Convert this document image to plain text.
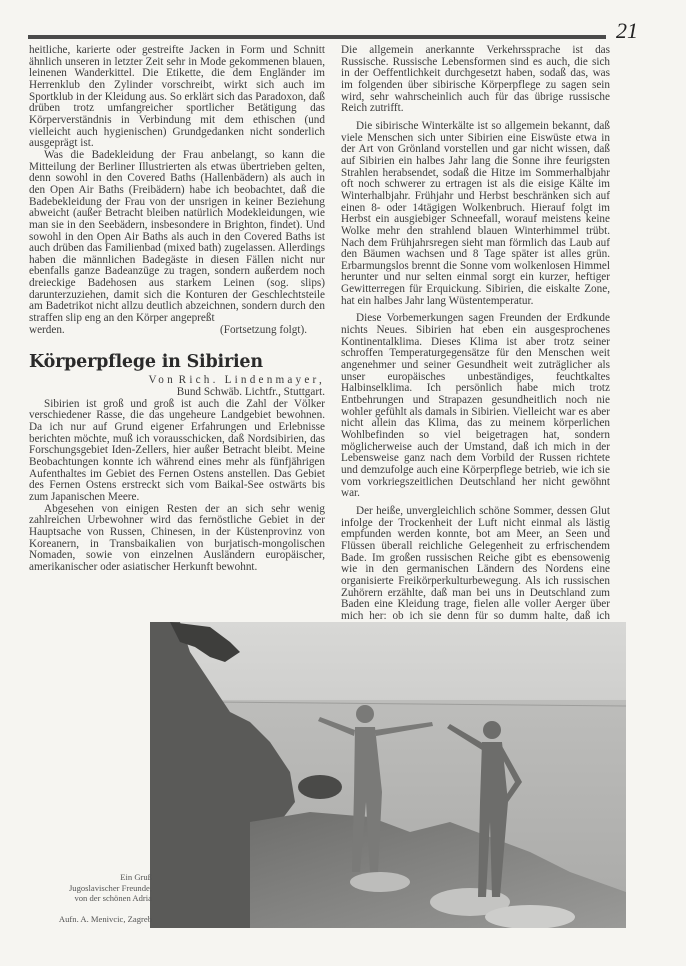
21

heitliche, karierte oder gestreifte Jacken in Form und Schnitt ähnlich unseren in letzter Zeit sehr in Mode gekommenen blauen, leinenen Wanderkittel. Die Etikette, die dem Engländer im Herrenklub den Zylinder vorschreibt, wirkt sich auch im Sportklub in der Kleidung aus. So erklärt sich das Paradoxon, daß drüben trotz umfangreicher sportlicher Betätigung das Körperverständnis in Verbindung mit dem ethischen (und vielleicht auch hygienischen) Grundgedanken nicht sonderlich ausgeprägt ist.

Was die Badekleidung der Frau anbelangt, so kann die Mitteilung der Berliner Illustrierten als etwas übertrieben gelten, denn sowohl in den Covered Baths (Hallenbädern) als auch in den Open Air Baths (Freibädern) habe ich beobachtet, daß die Badebekleidung der Frau von der unsrigen in keiner Beziehung abweicht (außer Betracht bleiben natürlich Modekleidungen, wie man sie in den Seebädern, insbesondere in Brighton, findet). Und sowohl in den Open Air Baths als auch in den Covered Baths ist auch drüben das Familienbad (mixed bath) zugelassen. Allerdings haben die männlichen Badegäste in diesen Fällen nicht nur ebenfalls ganze Badeanzüge zu tragen, sondern außerdem noch dreieckige Badehosen aus starkem Leinen (sog. slips) darunterzuziehen, damit sich die Konturen der Geschlechtsteile am Badetrikot nicht allzu deutlich abzeichnen, sondern durch den straffen slip eng an den Körper angepreßt

werden.	(Fortsetzung folgt).
Körperpflege in Sibirien
Von Rich. Lindenmayer,
Bund Schwäb. Lichtfr., Stuttgart.

Sibirien ist groß und groß ist auch die Zahl der Völker verschiedener Rasse, die das ungeheure Landgebiet bewohnen. Da ich nur auf Grund eigener Erfahrungen und Erlebnisse berichten möchte, muß ich vorausschicken, daß Nordsibirien, das Forschungsgebiet Iden-Zellers, hier außer Betracht bleibt. Meine Beobachtungen konnte ich während eines mehr als fünfjährigen Aufenthaltes im Gebiet des Fernen Ostens anstellen. Das Gebiet des Fernen Ostens erstreckt sich vom Baikal-See ostwärts bis zum Japanischen Meere.

Abgesehen von einigen Resten der an sich sehr wenig zahlreichen Urbewohner wird das fernöstliche Gebiet in der Hauptsache von Russen, Chinesen, in der Küstenprovinz von Koreanern, in Transbaikalien von burjatisch-mongolischen Nomaden, sowie von einzelnen Ausländern europäischer, amerikanischer oder asiatischer Herkunft bewohnt.

Die allgemein anerkannte Verkehrssprache ist das Russische. Russische Lebensformen sind es auch, die sich in der Oeffentlichkeit durchgesetzt haben, sodaß das, was im folgenden über sibirische Körperpflege zu sagen sein wird, sehr wahrscheinlich auch für das übrige russische Reich zutrifft.

Die sibirische Winterkälte ist so allgemein bekannt, daß viele Menschen sich unter Sibirien eine Eiswüste etwa in der Art von Grönland vorstellen und gar nicht wissen, daß auf Sibirien ein halbes Jahr lang die Sonne ihre feurigsten Strahlen herabsendet, sodaß die Hitze im Sommerhalbjahr oft noch schwerer zu ertragen ist als die eisige Kälte im Winterhalbjahr. Frühjahr und Herbst beschränken sich auf einen 8- oder 14tägigen Wolkenbruch. Hierauf folgt im Herbst ein ausgiebiger Schneefall, worauf meistens keine Wolke mehr den strahlend blauen Winterhimmel trübt. Nach dem Frühjahrsregen sieht man förmlich das Laub auf den Bäumen wachsen und 8 Tage später ist alles grün. Erbarmungslos brennt die Sonne vom wolkenlosen Himmel herunter und nur selten einmal sorgt ein kurzer, heftiger Gewitterregen für Erquickung. Sibirien, die eiskalte Zone, hat ein halbes Jahr lang Wüstentemperatur.

Diese Vorbemerkungen sagen Freunden der Erdkunde nichts Neues. Sibirien hat eben ein ausgesprochenes Kontinentalklima. Dieses Klima ist aber trotz seiner schroffen Temperaturgegensätze für den Menschen weit angenehmer und seiner Gesundheit weit zuträglicher als unser europäisches unbeständiges, feuchtkaltes Halbinselklima. Ich persönlich habe mich trotz Entbehrungen und Strapazen gesundheitlich noch nie wohler gefühlt als damals in Sibirien. Vielleicht war es aber nicht allein das Klima, das zu meinem körperlichen Wohlbefinden so viel beigetragen hat, sondern möglicherweise auch der Umstand, daß ich mich in der Lebensweise ganz nach dem Vorbild der Russen richtete und demzufolge auch eine Körperpflege betrieb, wie ich sie vom vorkriegszeitlichen Deutschland her nicht gewöhnt war.

Der heiße, unvergleichlich schöne Sommer, dessen Glut infolge der Trockenheit der Luft nicht einmal als lästig empfunden werden konnte, bot am Meer, an Seen und Flüssen überall reichliche Gelegenheit zu erfrischendem Bade. Im großen russischen Reiche gibt es ebensowenig wie in den germanischen Ländern des Nordens eine organisierte Freikörperkulturbewegung. Als ich russischen Zuhörern erzählte, daß man bei uns in Deutschland zum Baden eine Kleidung trage, fielen alle voller Aerger über mich her: ob ich sie denn für so dumm halte, daß ich

Ein Gruß
Jugoslavischer Freunde,
von der schönen Adria
Aufn. A. Menivcic, Zagreb
